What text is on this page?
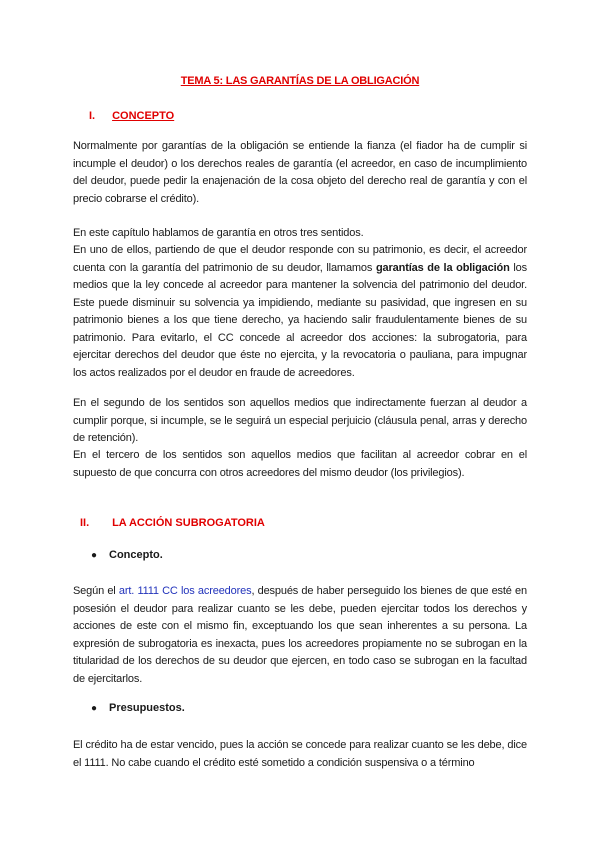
TEMA 5: LAS GARANTÍAS DE LA OBLIGACIÓN
I. CONCEPTO
Normalmente por garantías de la obligación se entiende la fianza (el fiador ha de cumplir si incumple el deudor) o los derechos reales de garantía (el acreedor, en caso de incumplimiento del deudor, puede pedir la enajenación de la cosa objeto del derecho real de garantía y con el precio cobrarse el crédito).
En este capítulo hablamos de garantía en otros tres sentidos.
En uno de ellos, partiendo de que el deudor responde con su patrimonio, es decir, el acreedor cuenta con la garantía del patrimonio de su deudor, llamamos garantías de la obligación los medios que la ley concede al acreedor para mantener la solvencia del patrimonio del deudor. Este puede disminuir su solvencia ya impidiendo, mediante su pasividad, que ingresen en su patrimonio bienes a los que tiene derecho, ya haciendo salir fraudulentamente bienes de su patrimonio. Para evitarlo, el CC concede al acreedor dos acciones: la subrogatoria, para ejercitar derechos del deudor que éste no ejercita, y la revocatoria o pauliana, para impugnar los actos realizados por el deudor en fraude de acreedores.
En el segundo de los sentidos son aquellos medios que indirectamente fuerzan al deudor a cumplir porque, si incumple, se le seguirá un especial perjuicio (cláusula penal, arras y derecho de retención).
En el tercero de los sentidos son aquellos medios que facilitan al acreedor cobrar en el supuesto de que concurra con otros acreedores del mismo deudor (los privilegios).
II. LA ACCIÓN SUBROGATORIA
● Concepto.
Según el art. 1111 CC los acreedores, después de haber perseguido los bienes de que esté en posesión el deudor para realizar cuanto se les debe, pueden ejercitar todos los derechos y acciones de este con el mismo fin, exceptuando los que sean inherentes a su persona. La expresión de subrogatoria es inexacta, pues los acreedores propiamente no se subrogan en la titularidad de los derechos de su deudor que ejercen, en todo caso se subrogan en la facultad de ejercitarlos.
● Presupuestos.
El crédito ha de estar vencido, pues la acción se concede para realizar cuanto se les debe, dice el 1111. No cabe cuando el crédito esté sometido a condición suspensiva o a término
